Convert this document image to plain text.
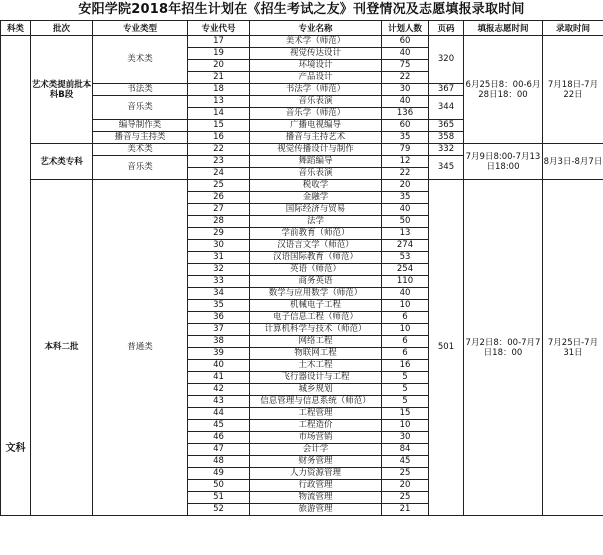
安阳学院2018年招生计划在《招生考试之友》刊登情况及志愿填报录取时间
科类	批次	专业类型	专业代号	专业名称	计划人数	页码	填报志愿时间	录取时间
文科	艺术类提前批本科B段	美术类	17	美术学（师范）	60	320	6月25日8：00-6月28日18：00	7月18日-7月22日
			19	视觉传达设计	40			
			20	环境设计	75			
			21	产品设计	22			
		书法类	18	书法学（师范）	30	367		
		音乐类	13	音乐表演	40	344		
			14	音乐学（师范）	136			
		编导制作类	15	广播电视编导	60	365		
		播音与主持类	16	播音与主持艺术	35	358		
	艺术类专科	美术类	22	视觉传播设计与制作	79	332	7月9日8:00-7月13日18:00	8月3日-8月7日
		音乐类	23	舞蹈编导	12	345		
			24	音乐表演	22			
	本科二批	普通类	25	税收学	20	501	7月2日8：00-7月7日18：00	7月25日-7月31日
			26	金融学	35			
			27	国际经济与贸易	40			
			28	法学	50			
			29	学前教育（师范）	13			
			30	汉语言文学（师范）	274			
			31	汉语国际教育（师范）	53			
			32	英语（师范）	254			
			33	商务英语	110			
			34	数学与应用数学（师范）	40			
			35	机械电子工程	10			
			36	电子信息工程（师范）	6			
			37	计算机科学与技术（师范）	10			
			38	网络工程	6			
			39	物联网工程	6			
			40	土木工程	16			
			41	飞行器设计与工程	5			
			42	城乡规划	5			
			43	信息管理与信息系统（师范）	5			
			44	工程管理	15			
			45	工程造价	10			
			46	市场营销	30			
			47	会计学	84			
			48	财务管理	45			
			49	人力资源管理	25			
			50	行政管理	20			
			51	物流管理	25			
			52	旅游管理	21			
